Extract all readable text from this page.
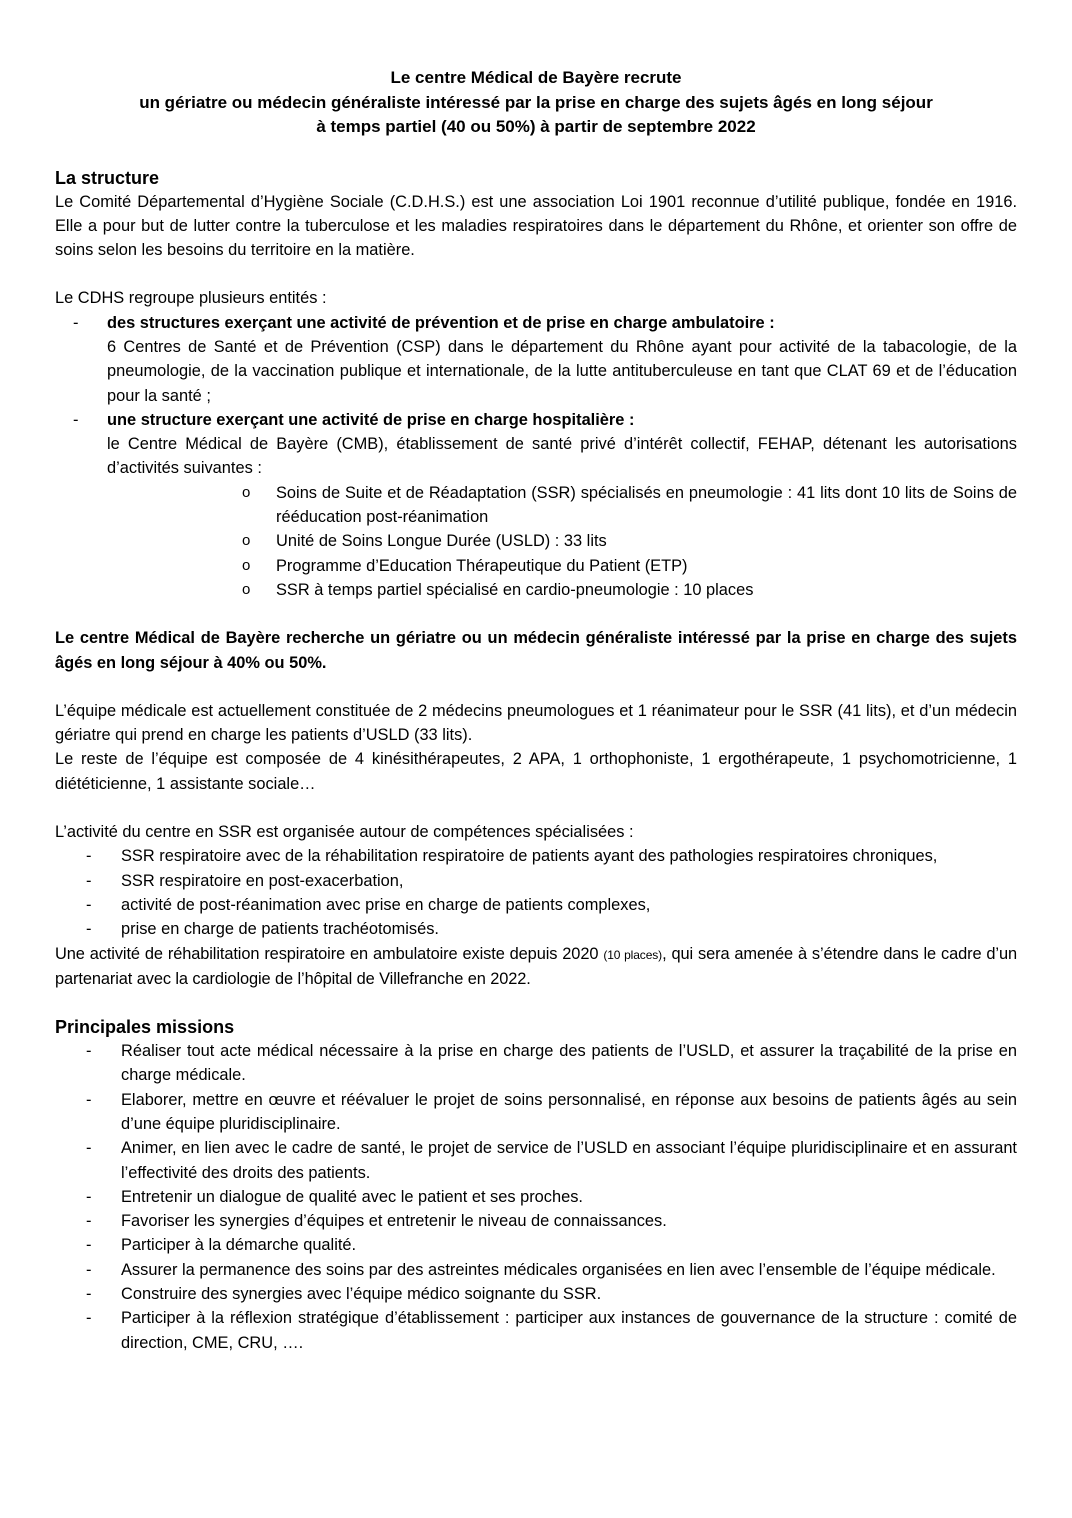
Le centre Médical de Bayère recrute

un gériatre ou médecin généraliste intéressé par la prise en charge des sujets âgés en long séjour

à temps partiel (40 ou 50%) à partir de septembre 2022

La structure

Le Comité Départemental d’Hygiène Sociale (C.D.H.S.) est une association Loi 1901 reconnue d’utilité publique, fondée en 1916. Elle a pour but de lutter contre la tuberculose et les maladies respiratoires dans le département du Rhône, et orienter son offre de soins selon les besoins du territoire en la matière.

Le CDHS regroupe plusieurs entités :

- des structures exerçant une activité de prévention et de prise en charge ambulatoire :
6 Centres de Santé et de Prévention (CSP) dans le département du Rhône ayant pour activité de la tabacologie, de la pneumologie, de la vaccination publique et internationale, de la lutte antituberculeuse en tant que CLAT 69 et de l’éducation pour la santé ;
- une structure exerçant une activité de prise en charge hospitalière :
le Centre Médical de Bayère (CMB), établissement de santé privé d’intérêt collectif, FEHAP, détenant les autorisations d’activités suivantes :
o Soins de Suite et de Réadaptation (SSR) spécialisés en pneumologie : 41 lits dont 10 lits de Soins de rééducation post-réanimation
o Unité de Soins Longue Durée (USLD) : 33 lits
o Programme d’Education Thérapeutique du Patient (ETP)
o SSR à temps partiel spécialisé en cardio-pneumologie : 10 places

Le centre Médical de Bayère recherche un gériatre ou un médecin généraliste intéressé par la prise en charge des sujets âgés en long séjour à 40% ou 50%.

L’équipe médicale est actuellement constituée de 2 médecins pneumologues et 1 réanimateur pour le SSR (41 lits), et d’un médecin gériatre qui prend en charge les patients d’USLD (33 lits).

Le reste de l’équipe est composée de 4 kinésithérapeutes, 2 APA, 1 orthophoniste, 1 ergothérapeute, 1 psychomotricienne, 1 diététicienne, 1 assistante sociale…

L’activité du centre en SSR est organisée autour de compétences spécialisées :

- SSR respiratoire avec de la réhabilitation respiratoire de patients ayant des pathologies respiratoires chroniques,
- SSR respiratoire en post-exacerbation,
- activité de post-réanimation avec prise en charge de patients complexes,
- prise en charge de patients trachéotomisés.

Une activité de réhabilitation respiratoire en ambulatoire existe depuis 2020 (10 places), qui sera amenée à s’étendre dans le cadre d’un partenariat avec la cardiologie de l’hôpital de Villefranche en 2022.

Principales missions
- Réaliser tout acte médical nécessaire à la prise en charge des patients de l’USLD, et assurer la traçabilité de la prise en charge médicale.
- Elaborer, mettre en œuvre et réévaluer le projet de soins personnalisé, en réponse aux besoins de patients âgés au sein d’une équipe pluridisciplinaire.
- Animer, en lien avec le cadre de santé, le projet de service de l’USLD en associant l’équipe pluridisciplinaire et en assurant l’effectivité des droits des patients.
- Entretenir un dialogue de qualité avec le patient et ses proches.
- Favoriser les synergies d’équipes et entretenir le niveau de connaissances.
- Participer à la démarche qualité.
- Assurer la permanence des soins par des astreintes médicales organisées en lien avec l’ensemble de l’équipe médicale.
- Construire des synergies avec l’équipe médico soignante du SSR.
- Participer à la réflexion stratégique d’établissement : participer aux instances de gouvernance de la structure : comité de direction, CME, CRU, ….
